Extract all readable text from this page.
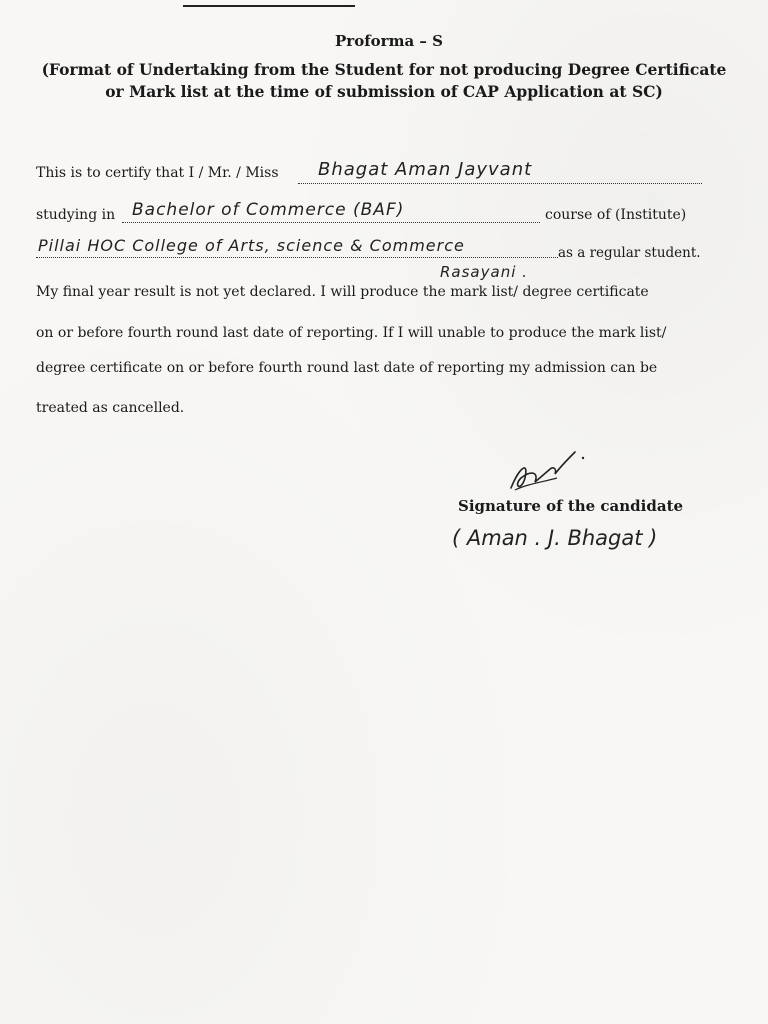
Proforma – S
(Format of Undertaking from the Student for not producing Degree Certificate
or Mark list at the time of submission of CAP Application at SC)
This is to certify that I / Mr. / Miss Bhagat Aman Jayvant
studying in Bachelor of Commerce (BAF)	course of (Institute)
Pillai HOC College of Arts, science & Commerce	as a regular student.
Rasayani .
My final year result is not yet declared. I will produce the mark list/ degree certificate
on or before fourth round last date of reporting. If I will unable to produce the mark list/
degree certificate on or before fourth round last date of reporting my admission can be
treated as cancelled.
Signature of the candidate
( Aman . J. Bhagat )
